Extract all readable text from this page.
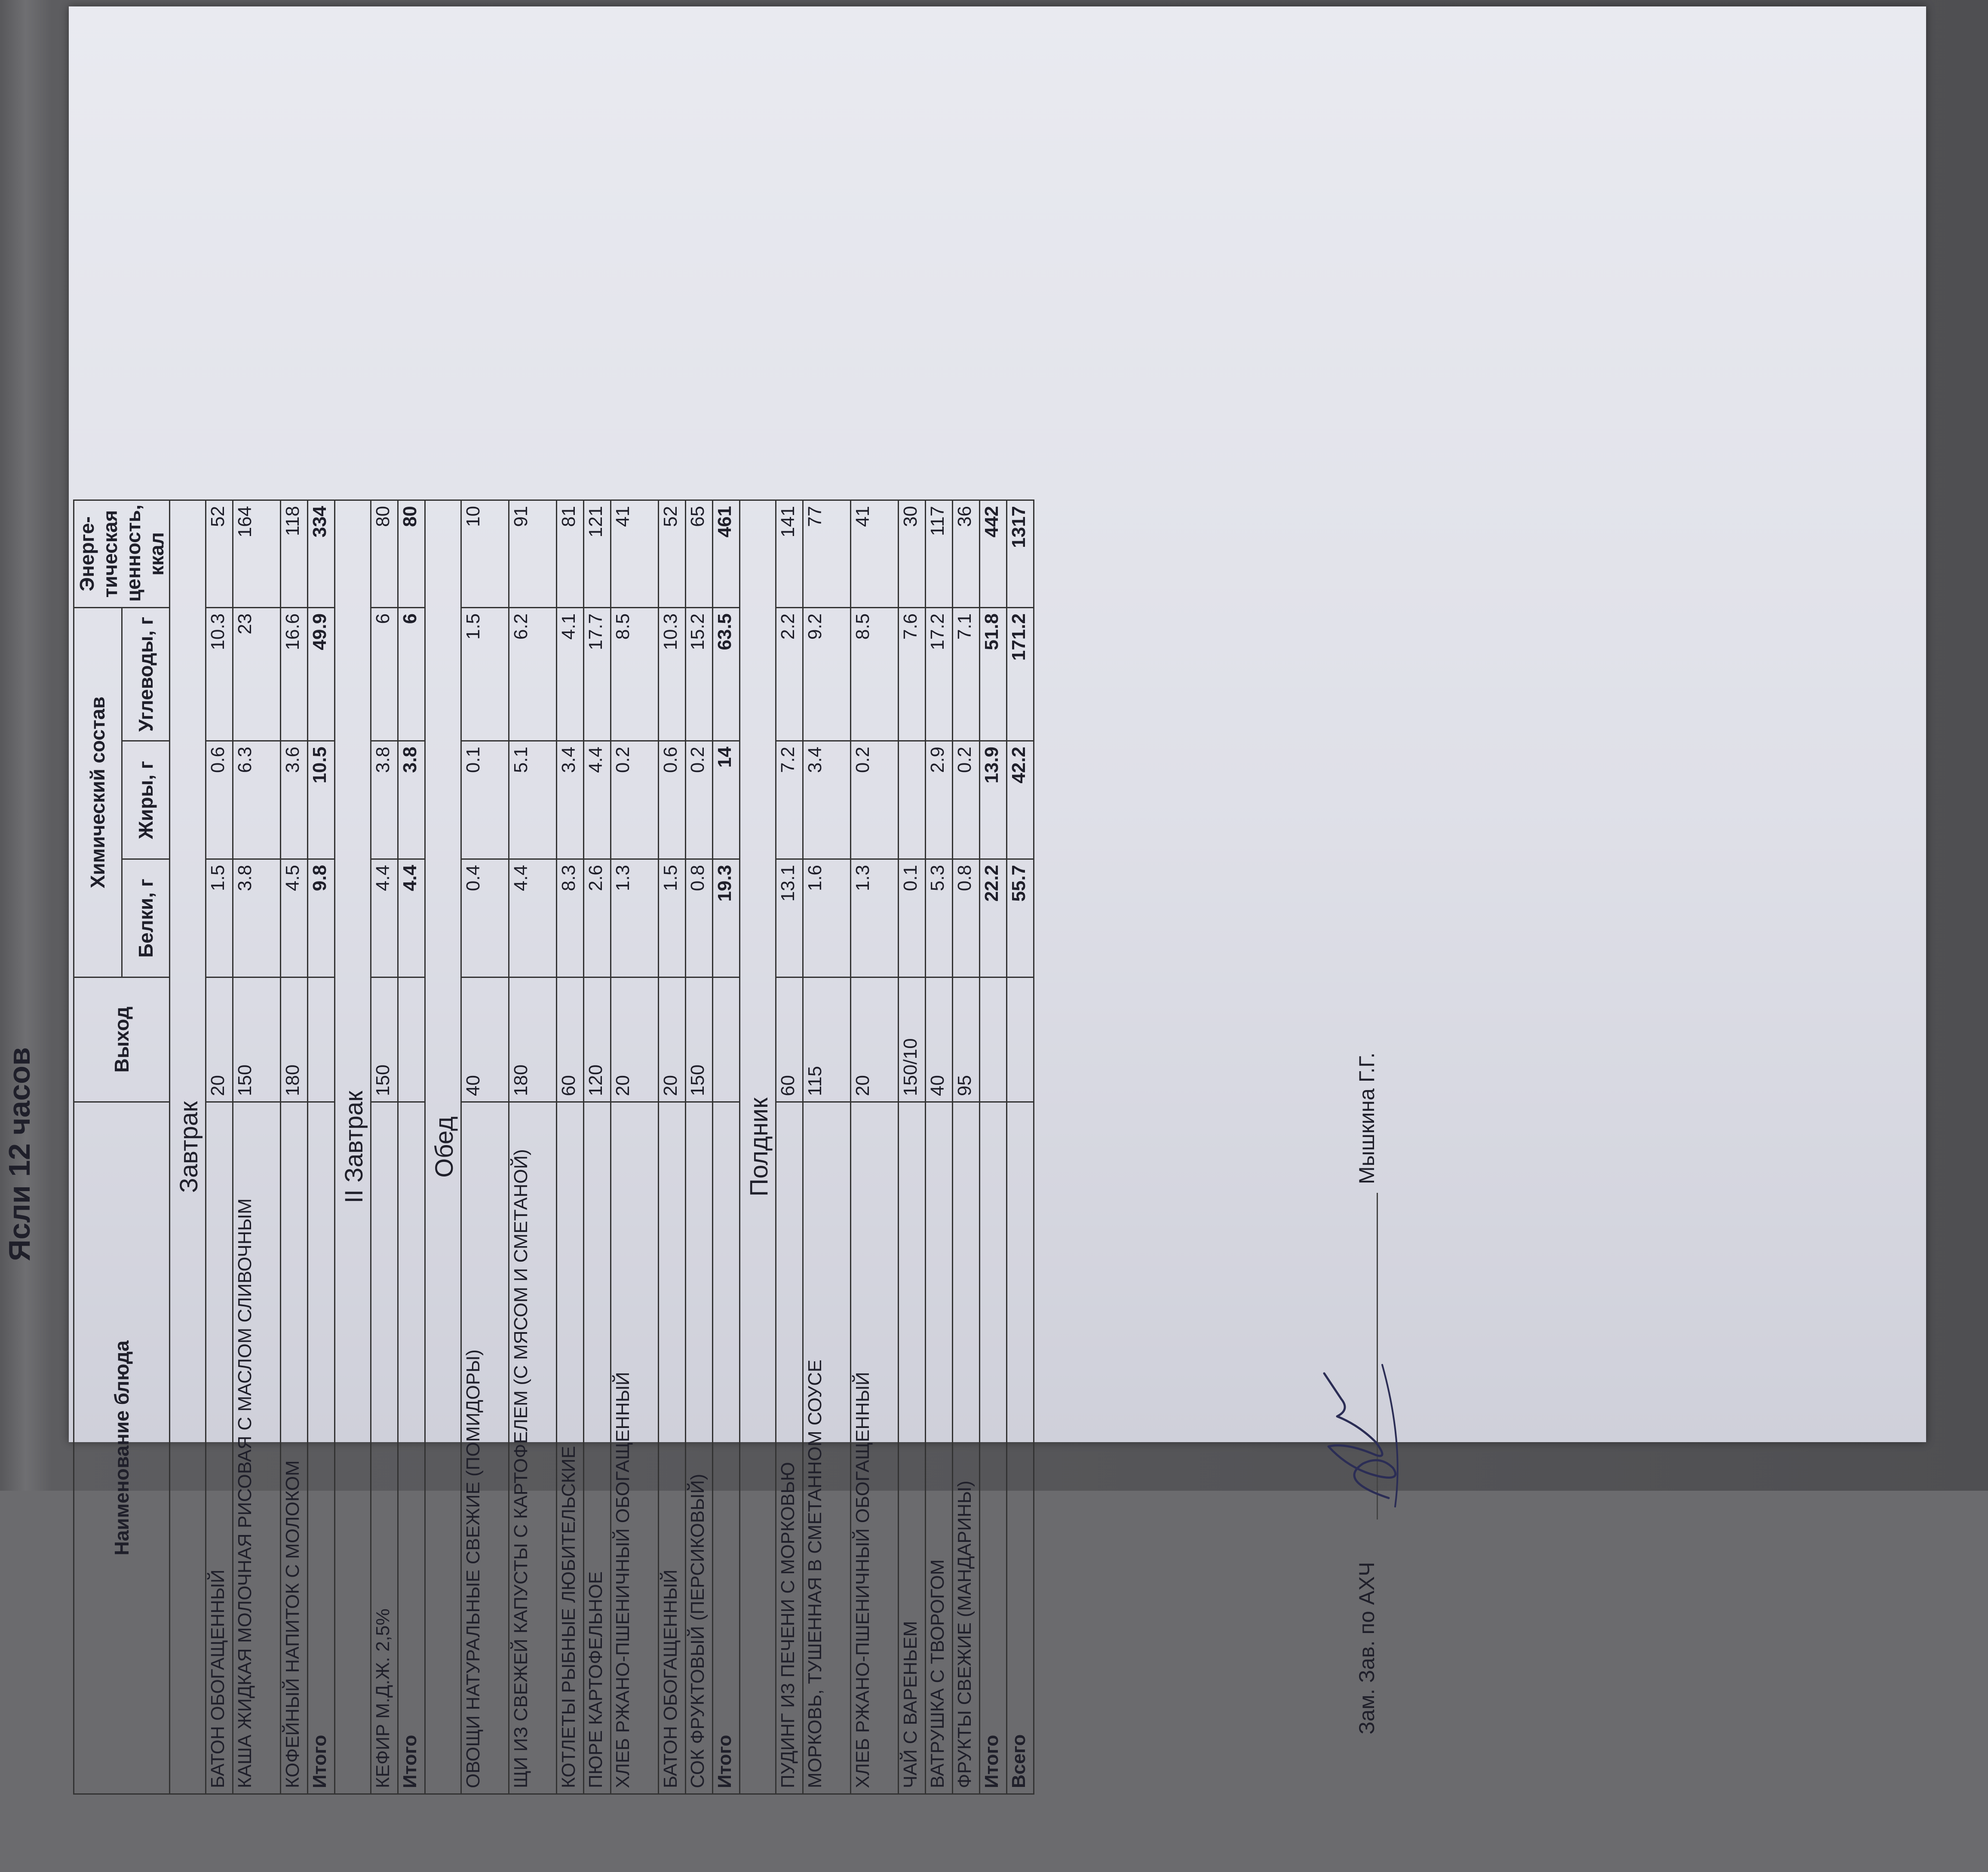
Ясли 12 часов
Наименование блюда	Выход	Химический состав			Энерге-тическая ценность, ккал
		Белки, г	Жиры, г	Углеводы, г	
Завтрак					
БАТОН ОБОГАЩЕННЫЙ	20	1.5	0.6	10.3	52
КАША ЖИДКАЯ МОЛОЧНАЯ РИСОВАЯ С МАСЛОМ СЛИВОЧНЫМ	150	3.8	6.3	23	164
КОФЕЙНЫЙ НАПИТОК С МОЛОКОМ	180	4.5	3.6	16.6	118
Итого		9.8	10.5	49.9	334
II Завтрак					
КЕФИР М.Д.Ж. 2,5%	150	4.4	3.8	6	80
Итого		4.4	3.8	6	80
Обед					
ОВОЩИ НАТУРАЛЬНЫЕ СВЕЖИЕ (ПОМИДОРЫ)	40	0.4	0.1	1.5	10
ЩИ ИЗ СВЕЖЕЙ КАПУСТЫ С КАРТОФЕЛЕМ (С МЯСОМ И СМЕТАНОЙ)	180	4.4	5.1	6.2	91
КОТЛЕТЫ РЫБНЫЕ ЛЮБИТЕЛЬСКИЕ	60	8.3	3.4	4.1	81
ПЮРЕ КАРТОФЕЛЬНОЕ	120	2.6	4.4	17.7	121
ХЛЕБ РЖАНО-ПШЕНИЧНЫЙ ОБОГАЩЕННЫЙ	20	1.3	0.2	8.5	41
БАТОН ОБОГАЩЕННЫЙ	20	1.5	0.6	10.3	52
СОК ФРУКТОВЫЙ (ПЕРСИКОВЫЙ)	150	0.8	0.2	15.2	65
Итого		19.3	14	63.5	461
Полдник					
ПУДИНГ ИЗ ПЕЧЕНИ С МОРКОВЬЮ	60	13.1	7.2	2.2	141
МОРКОВЬ, ТУШЕННАЯ В СМЕТАННОМ СОУСЕ	115	1.6	3.4	9.2	77
ХЛЕБ РЖАНО-ПШЕНИЧНЫЙ ОБОГАЩЕННЫЙ	20	1.3	0.2	8.5	41
ЧАЙ С ВАРЕНЬЕМ	150/10	0.1		7.6	30
ВАТРУШКА С ТВОРОГОМ	40	5.3	2.9	17.2	117
ФРУКТЫ СВЕЖИЕ (МАНДАРИНЫ)	95	0.8	0.2	7.1	36
Итого		22.2	13.9	51.8	442
Всего		55.7	42.2	171.2	1317
Зам. Зав. по АХЧ
Мышкина Г.Г.
